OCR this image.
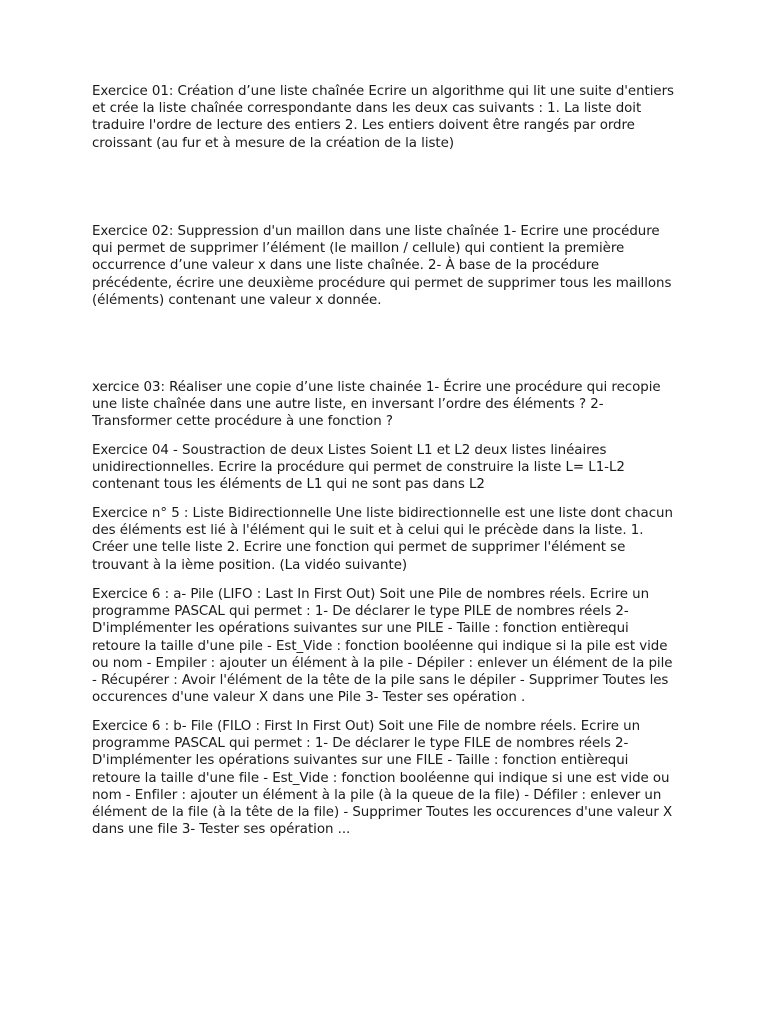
Exercice 01: Création d’une liste chaînée Ecrire un algorithme qui lit une suite d'entiers et crée la liste chaînée correspondante dans les deux cas suivants : 1. La liste doit traduire l'ordre de lecture des entiers 2. Les entiers doivent être rangés par ordre croissant (au fur et à mesure de la création de la liste)

Exercice 02: Suppression d'un maillon dans une liste chaînée 1- Ecrire une procédure qui permet de supprimer l’élément (le maillon / cellule) qui contient la première occurrence d’une valeur x dans une liste chaînée. 2- À base de la procédure précédente, écrire une deuxième procédure qui permet de supprimer tous les maillons (éléments) contenant une valeur x donnée.

xercice 03: Réaliser une copie d’une liste chainée 1- Écrire une procédure qui recopie une liste chaînée dans une autre liste, en inversant l’ordre des éléments ? 2- Transformer cette procédure à une fonction ?

Exercice 04 - Soustraction de deux Listes Soient L1 et L2 deux listes linéaires unidirectionnelles. Ecrire la procédure qui permet de construire la liste L= L1-L2 contenant tous les éléments de L1 qui ne sont pas dans L2

Exercice n° 5 : Liste Bidirectionnelle Une liste bidirectionnelle est une liste dont chacun des éléments est lié à l'élément qui le suit et à celui qui le précède dans la liste. 1. Créer une telle liste 2. Ecrire une fonction qui permet de supprimer l'élément se trouvant à la ième position. (La vidéo suivante)

Exercice 6 : a- Pile (LIFO : Last In First Out) Soit une Pile de nombres réels. Ecrire un programme PASCAL qui permet : 1- De déclarer le type PILE de nombres réels 2- D'implémenter les opérations suivantes sur une PILE - Taille : fonction entièrequi retoure la taille d'une pile - Est_Vide : fonction booléenne qui indique si la pile est vide ou nom - Empiler : ajouter un élément à la pile - Dépiler : enlever un élément de la pile - Récupérer : Avoir l'élément de la tête de la pile sans le dépiler - Supprimer Toutes les occurences d'une valeur X dans une Pile 3- Tester ses opération .

Exercice 6 : b- File (FILO : First In First Out) Soit une File de nombre réels. Ecrire un programme PASCAL qui permet : 1- De déclarer le type FILE de nombres réels 2- D'implémenter les opérations suivantes sur une FILE - Taille : fonction entièrequi retoure la taille d'une file - Est_Vide : fonction booléenne qui indique si une est vide ou nom - Enfiler : ajouter un élément à la pile (à la queue de la file) - Défiler : enlever un élément de la file (à la tête de la file) - Supprimer Toutes les occurences d'une valeur X dans une file 3- Tester ses opération ...
